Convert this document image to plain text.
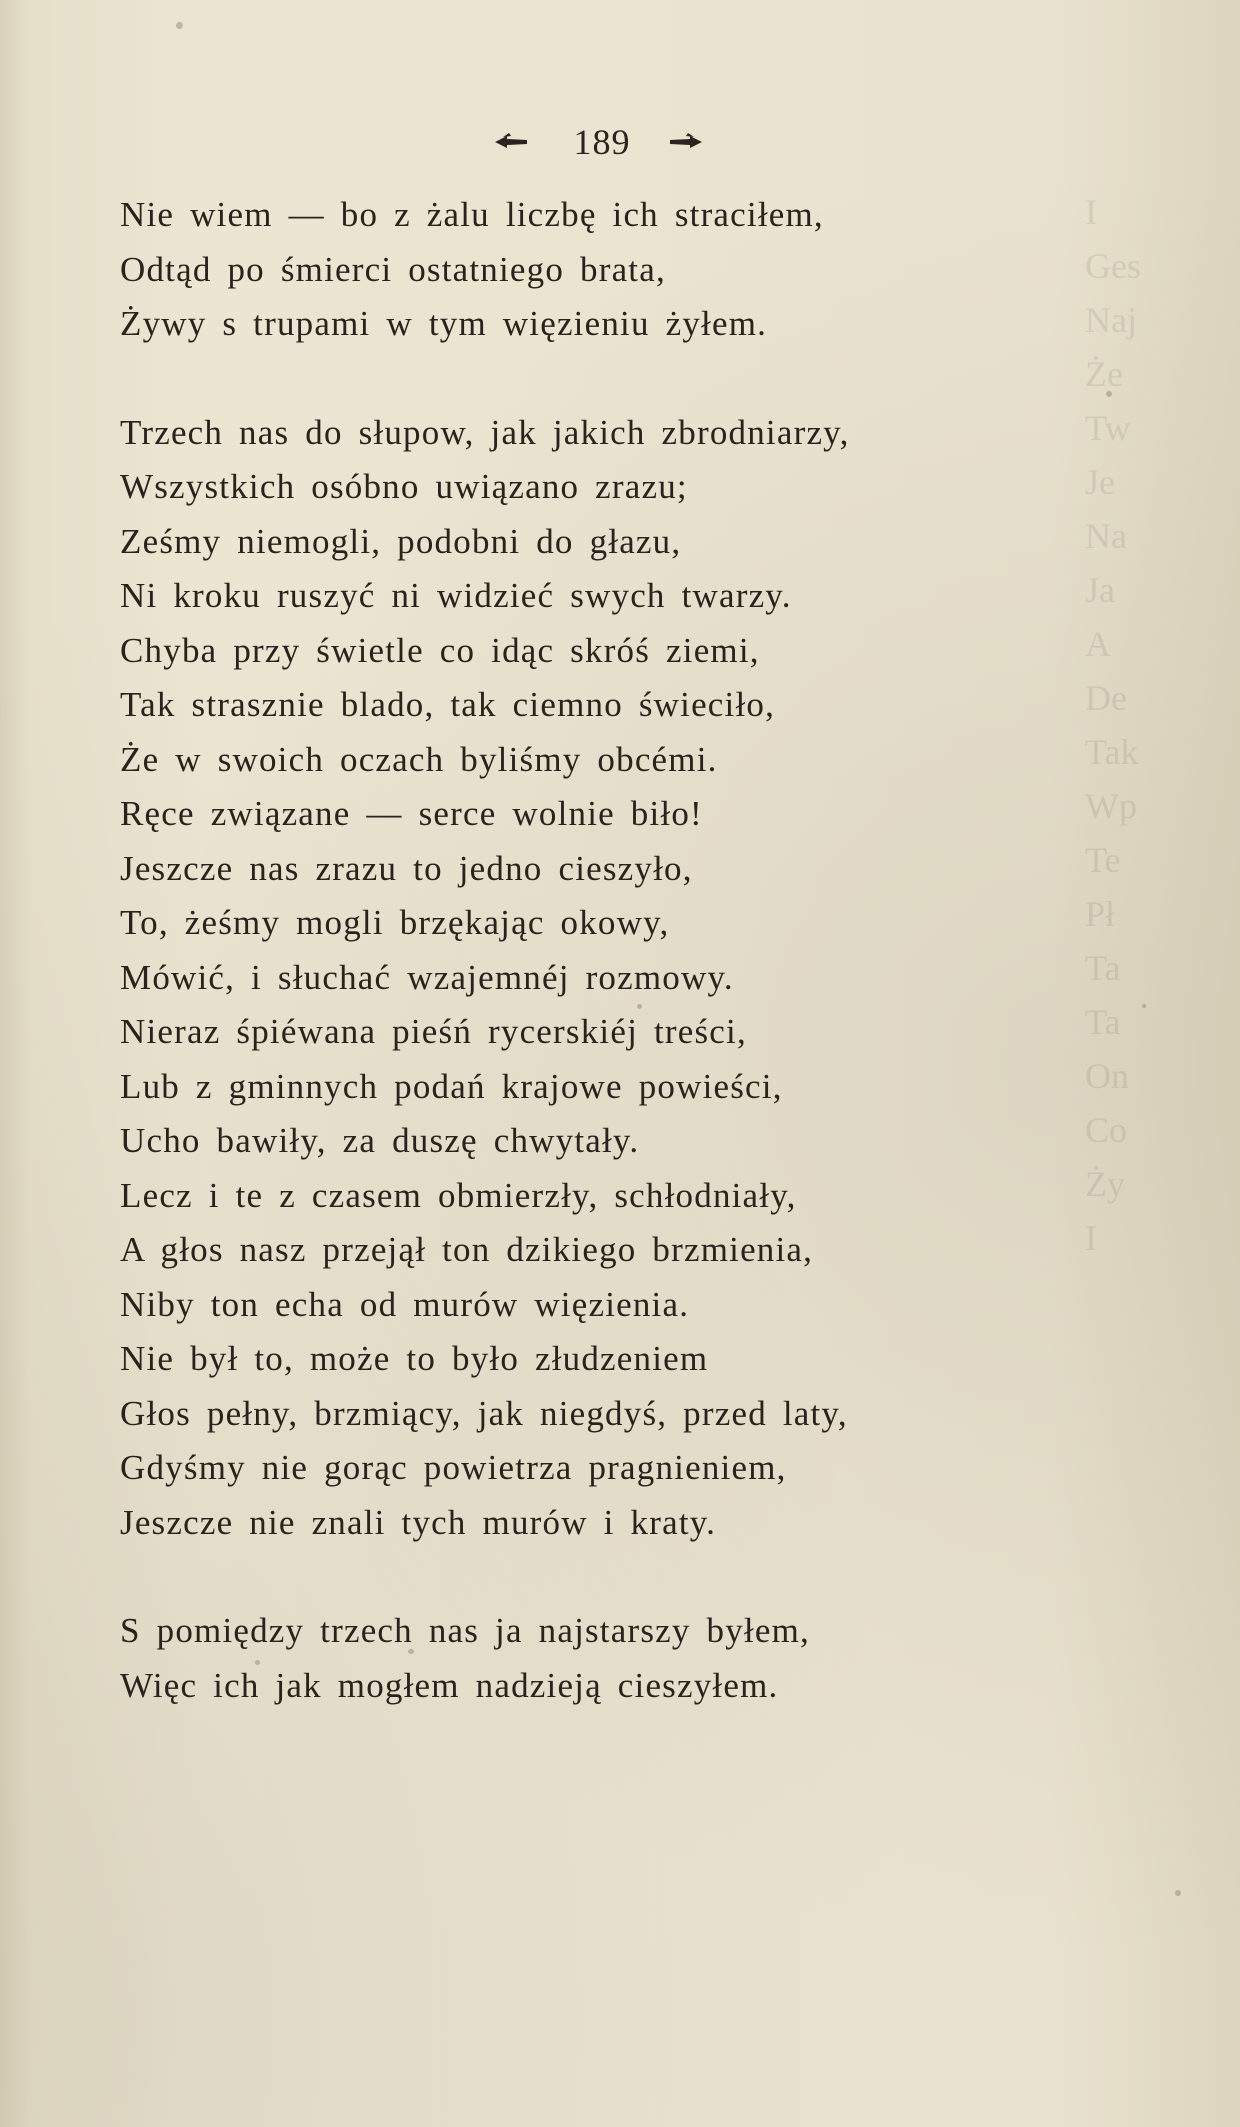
I
Ges
Naj
Że
Tw
Je
Na
Ja
A
De
Tak
Wp
Te
Pł
Ta
Ta
On
Co
Ży
I
189
Nie wiem — bo z żalu liczbę ich straciłem,
Odtąd po śmierci ostatniego brata,
Żywy s trupami w tym więzieniu żyłem.
Trzech nas do słupow, jak jakich zbrodniarzy,
Wszystkich osóbno uwiązano zrazu;
Ześmy niemogli, podobni do głazu,
Ni kroku ruszyć ni widzieć swych twarzy.
Chyba przy świetle co idąc skróś ziemi,
Tak strasznie blado, tak ciemno świeciło,
Że w swoich oczach byliśmy obcémi.
Ręce związane — serce wolnie biło!
Jeszcze nas zrazu to jedno cieszyło,
To, żeśmy mogli brzękając okowy,
Mówić, i słuchać wzajemnéj rozmowy.
Nieraz śpiéwana pieśń rycerskiéj treści,
Lub z gminnych podań krajowe powieści,
Ucho bawiły, za duszę chwytały.
Lecz i te z czasem obmierzły, schłodniały,
A głos nasz przejął ton dzikiego brzmienia,
Niby ton echa od murów więzienia.
Nie był to, może to było złudzeniem
Głos pełny, brzmiący, jak niegdyś, przed laty,
Gdyśmy nie gorąc powietrza pragnieniem,
Jeszcze nie znali tych murów i kraty.
S pomiędzy trzech nas ja najstarszy byłem,
Więc ich jak mogłem nadzieją cieszyłem.
